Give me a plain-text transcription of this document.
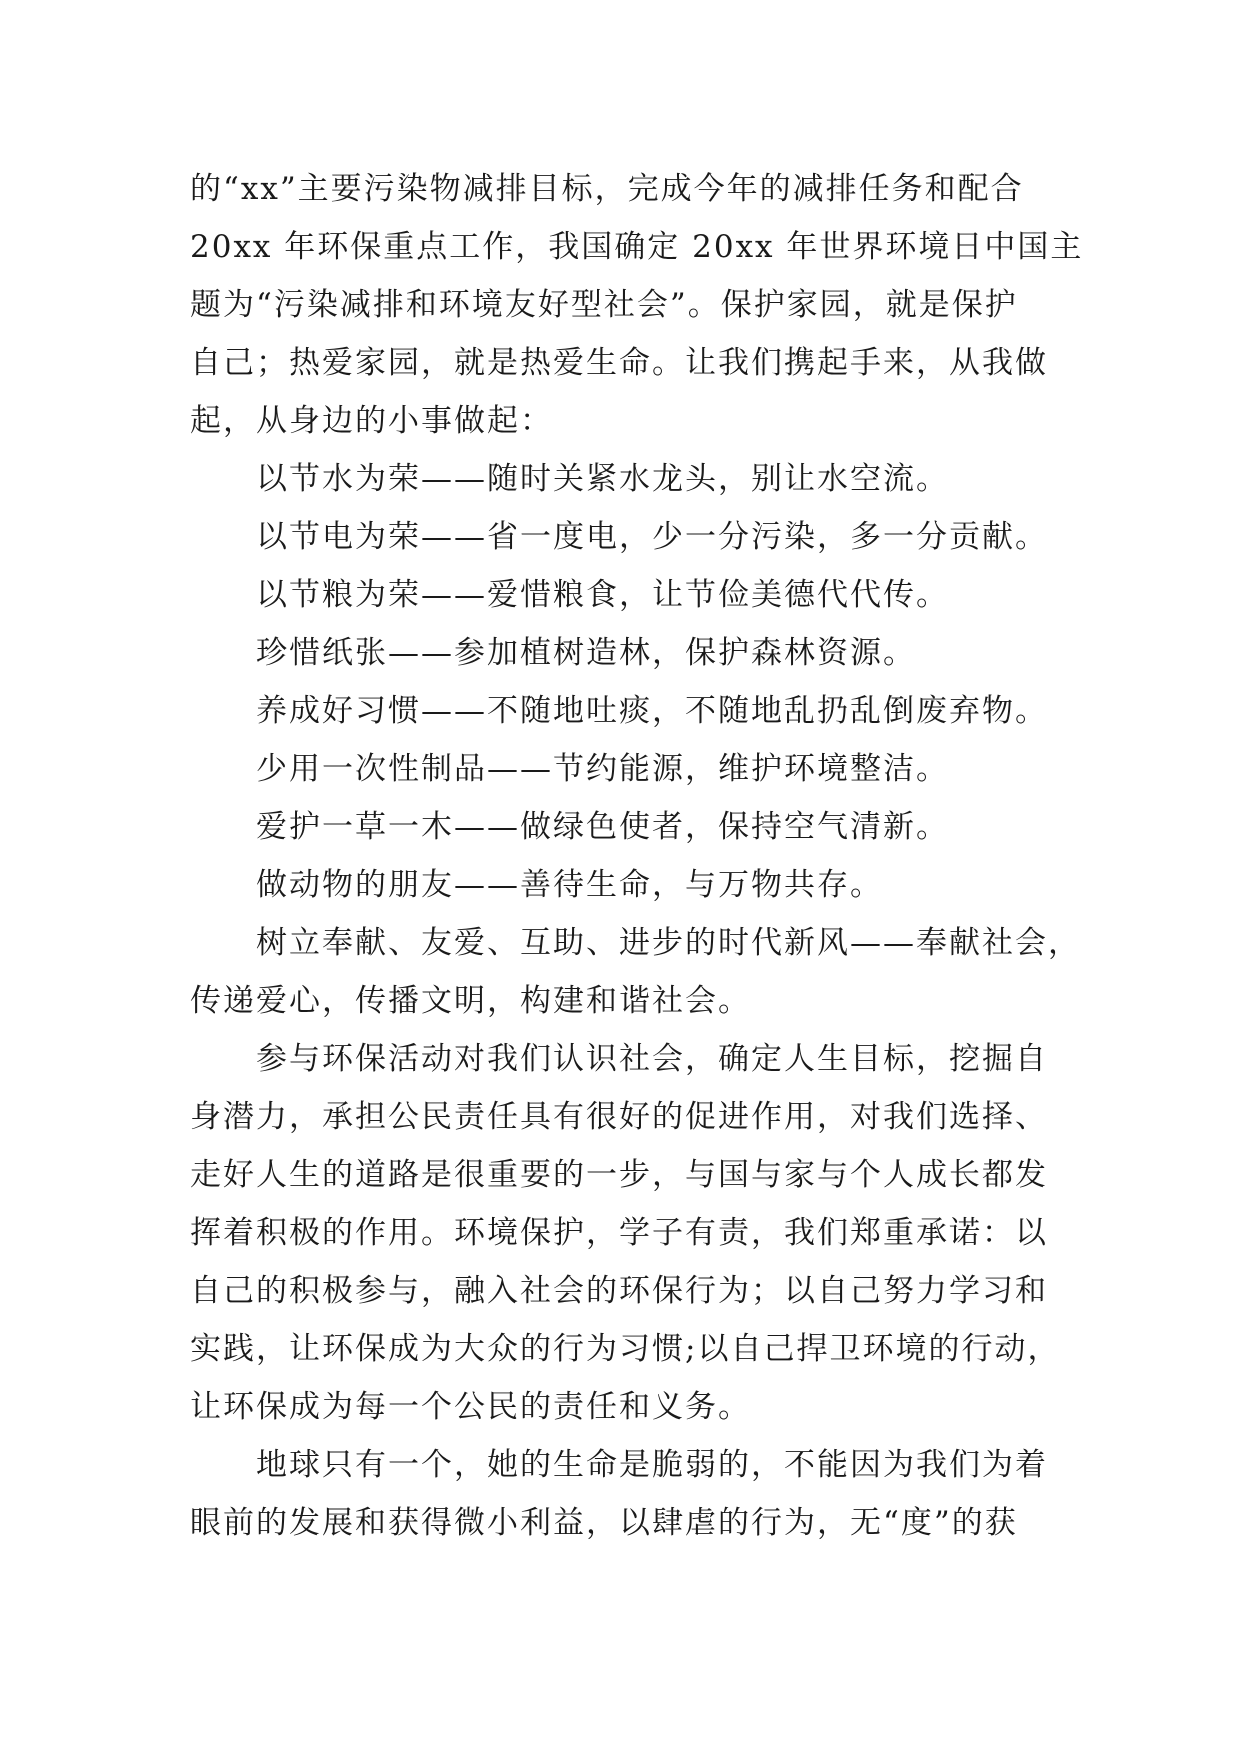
的“xx”主要污染物减排目标，完成今年的减排任务和配合
20xx 年环保重点工作，我国确定 20xx 年世界环境日中国主
题为“污染减排和环境友好型社会”。保护家园，就是保护
自己；热爱家园，就是热爱生命。让我们携起手来，从我做
起，从身边的小事做起：
以节水为荣——随时关紧水龙头，别让水空流。
以节电为荣——省一度电，少一分污染，多一分贡献。
以节粮为荣——爱惜粮食，让节俭美德代代传。
珍惜纸张——参加植树造林，保护森林资源。
养成好习惯——不随地吐痰，不随地乱扔乱倒废弃物。
少用一次性制品——节约能源，维护环境整洁。
爱护一草一木——做绿色使者，保持空气清新。
做动物的朋友——善待生命，与万物共存。
树立奉献、友爱、互助、进步的时代新风——奉献社会，
传递爱心，传播文明，构建和谐社会。
参与环保活动对我们认识社会，确定人生目标，挖掘自
身潜力，承担公民责任具有很好的促进作用，对我们选择、
走好人生的道路是很重要的一步，与国与家与个人成长都发
挥着积极的作用。环境保护，学子有责，我们郑重承诺：以
自己的积极参与，融入社会的环保行为；以自己努力学习和
实践，让环保成为大众的行为习惯;以自己捍卫环境的行动，
让环保成为每一个公民的责任和义务。
地球只有一个，她的生命是脆弱的，不能因为我们为着
眼前的发展和获得微小利益，以肆虐的行为，无“度”的获
